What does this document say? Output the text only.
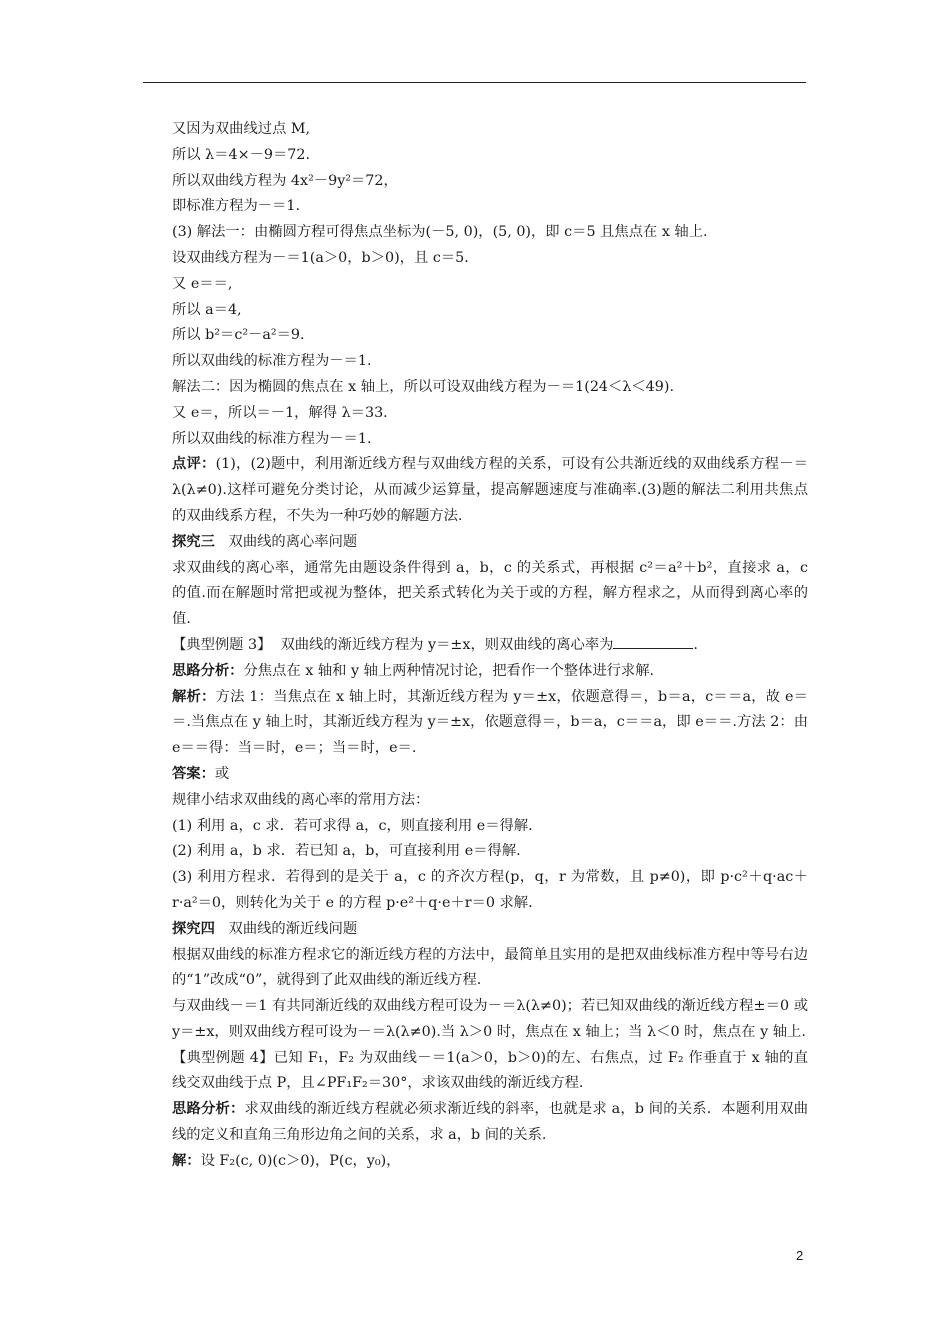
又因为双曲线过点 M,

所以 λ＝4×－9＝72.

所以双曲线方程为 4x²－9y²＝72，

即标准方程为－＝1.

(3) 解法一：由椭圆方程可得焦点坐标为(－5, 0)，(5, 0)，即 c＝5 且焦点在 x 轴上.

设双曲线方程为－＝1(a＞0，b＞0)，且 c＝5.

又 e＝＝,

所以 a＝4,

所以 b²＝c²－a²＝9.

所以双曲线的标准方程为－＝1.

解法二：因为椭圆的焦点在 x 轴上，所以可设双曲线方程为－＝1(24＜λ＜49).

又 e＝，所以＝－1，解得 λ＝33.

所以双曲线的标准方程为－＝1.

点评：(1)，(2)题中，利用渐近线方程与双曲线方程的关系，可设有公共渐近线的双曲线系方程－＝λ(λ≠0).这样可避免分类讨论，从而减少运算量，提高解题速度与准确率.(3)题的解法二利用共焦点的双曲线系方程，不失为一种巧妙的解题方法.

探究三 双曲线的离心率问题

求双曲线的离心率，通常先由题设条件得到 a，b，c 的关系式，再根据 c²＝a²＋b²，直接求 a，c 的值.而在解题时常把或视为整体，把关系式转化为关于或的方程，解方程求之，从而得到离心率的值.

【典型例题 3】 双曲线的渐近线方程为 y＝±x，则双曲线的离心率为	.

思路分析：分焦点在 x 轴和 y 轴上两种情况讨论，把看作一个整体进行求解.

解析：方法 1：当焦点在 x 轴上时，其渐近线方程为 y＝±x，依题意得＝，b＝a，c＝＝a，故 e＝＝.当焦点在 y 轴上时，其渐近线方程为 y＝±x，依题意得＝，b＝a，c＝＝a，即 e＝＝.方法 2：由 e＝＝得：当＝时，e＝；当＝时，e＝.

答案：或

规律小结求双曲线的离心率的常用方法：

(1) 利用 a，c 求．若可求得 a，c，则直接利用 e＝得解.

(2) 利用 a，b 求．若已知 a，b，可直接利用 e＝得解.

(3) 利用方程求．若得到的是关于 a，c 的齐次方程(p，q，r 为常数，且 p≠0)，即 p·c²＋q·ac＋r·a²＝0，则转化为关于 e 的方程 p·e²＋q·e＋r＝0 求解.

探究四 双曲线的渐近线问题

根据双曲线的标准方程求它的渐近线方程的方法中，最简单且实用的是把双曲线标准方程中等号右边的“1”改成“0”，就得到了此双曲线的渐近线方程.

与双曲线－＝1 有共同渐近线的双曲线方程可设为－＝λ(λ≠0)；若已知双曲线的渐近线方程±＝0 或 y＝±x，则双曲线方程可设为－＝λ(λ≠0).当 λ＞0 时，焦点在 x 轴上；当 λ＜0 时，焦点在 y 轴上.

【典型例题 4】已知 F₁，F₂ 为双曲线－＝1(a＞0，b＞0)的左、右焦点，过 F₂ 作垂直于 x 轴的直线交双曲线于点 P，且∠PF₁F₂＝30°，求该双曲线的渐近线方程.

思路分析：求双曲线的渐近线方程就必须求渐近线的斜率，也就是求 a，b 间的关系．本题利用双曲线的定义和直角三角形边角之间的关系，求 a，b 间的关系.

解：设 F₂(c, 0)(c＞0)，P(c，y₀)，

2
